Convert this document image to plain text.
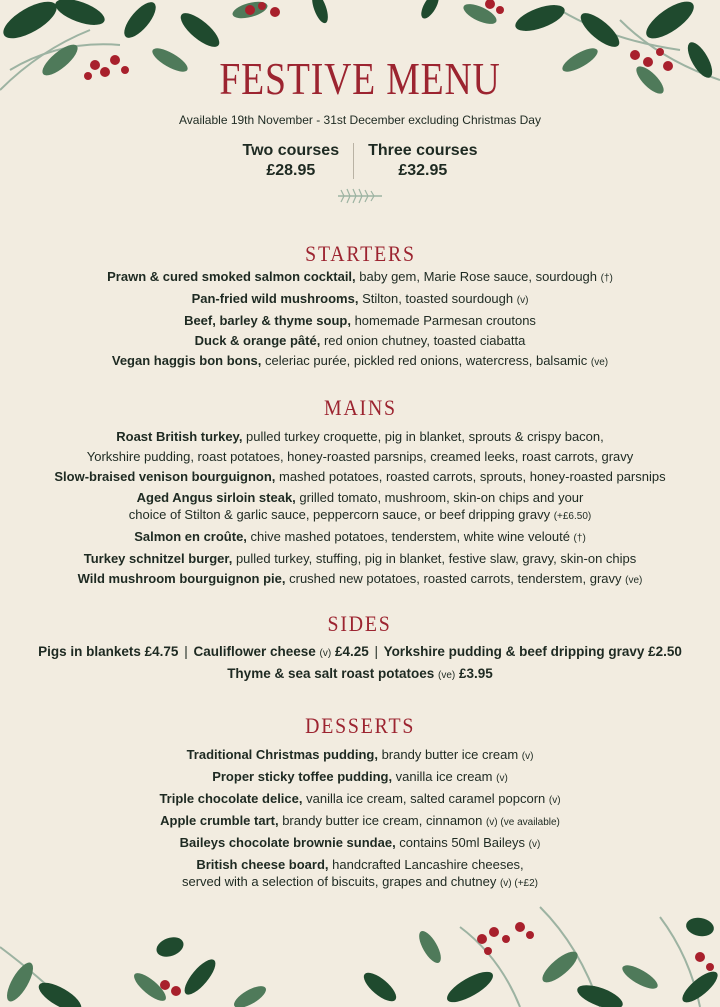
FESTIVE MENU
Available 19th November - 31st December excluding Christmas Day
Two courses
£28.95
Three courses
£32.95
STARTERS
Prawn & cured smoked salmon cocktail, baby gem, Marie Rose sauce, sourdough (†)
Pan-fried wild mushrooms, Stilton, toasted sourdough (v)
Beef, barley & thyme soup, homemade Parmesan croutons
Duck & orange pâté, red onion chutney, toasted ciabatta
Vegan haggis bon bons, celeriac purée, pickled red onions, watercress, balsamic (ve)
MAINS
Roast British turkey, pulled turkey croquette, pig in blanket, sprouts & crispy bacon,
Yorkshire pudding, roast potatoes, honey-roasted parsnips, creamed leeks, roast carrots, gravy
Slow-braised venison bourguignon, mashed potatoes, roasted carrots, sprouts, honey-roasted parsnips
Aged Angus sirloin steak, grilled tomato, mushroom, skin-on chips and your
choice of Stilton & garlic sauce, peppercorn sauce, or beef dripping gravy (+£6.50)
Salmon en croûte, chive mashed potatoes, tenderstem, white wine velouté (†)
Turkey schnitzel burger, pulled turkey, stuffing, pig in blanket, festive slaw, gravy, skin-on chips
Wild mushroom bourguignon pie, crushed new potatoes, roasted carrots, tenderstem, gravy (ve)
SIDES
Pigs in blankets £4.75 | Cauliflower cheese (v) £4.25 | Yorkshire pudding & beef dripping gravy £2.50
Thyme & sea salt roast potatoes (ve) £3.95
DESSERTS
Traditional Christmas pudding, brandy butter ice cream (v)
Proper sticky toffee pudding, vanilla ice cream (v)
Triple chocolate delice, vanilla ice cream, salted caramel popcorn (v)
Apple crumble tart, brandy butter ice cream, cinnamon (v) (ve available)
Baileys chocolate brownie sundae, contains 50ml Baileys (v)
British cheese board, handcrafted Lancashire cheeses,
served with a selection of biscuits, grapes and chutney (v) (+£2)
